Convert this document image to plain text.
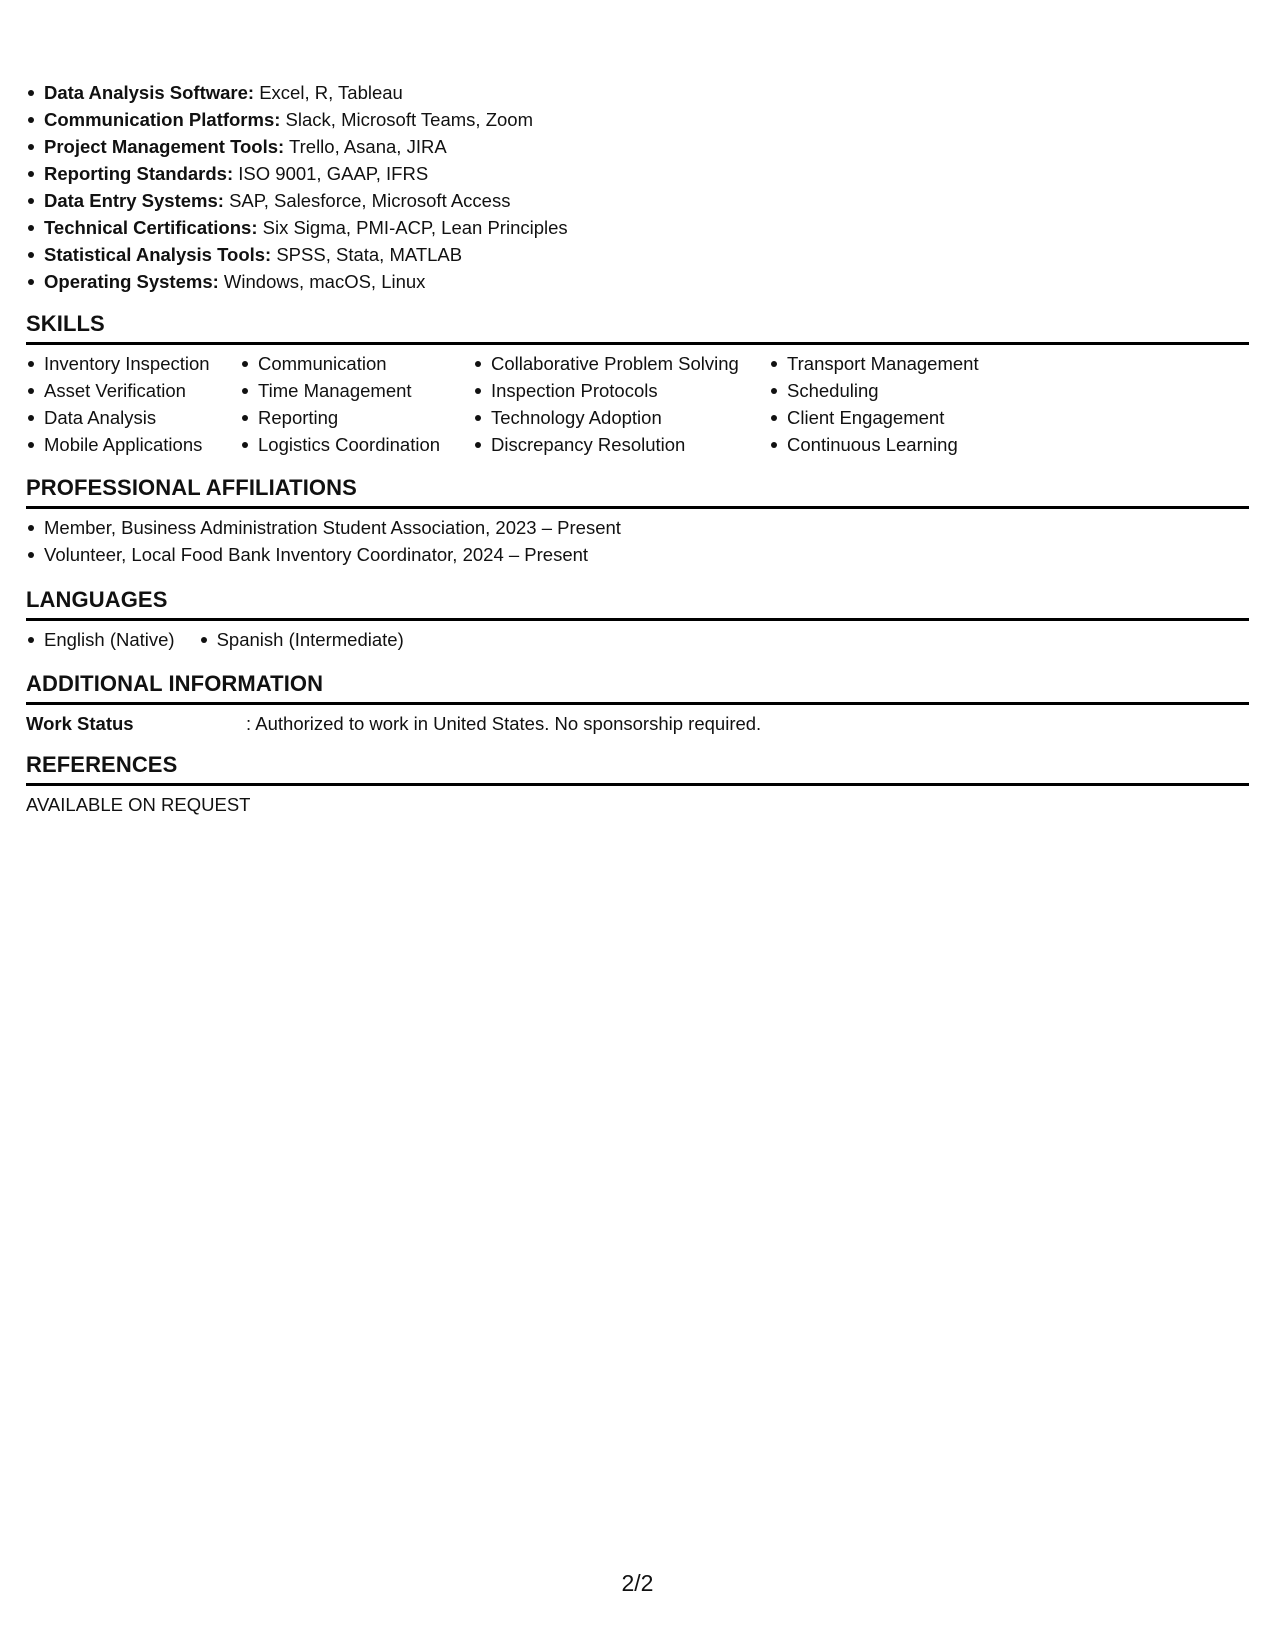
Data Analysis Software: Excel, R, Tableau
Communication Platforms: Slack, Microsoft Teams, Zoom
Project Management Tools: Trello, Asana, JIRA
Reporting Standards: ISO 9001, GAAP, IFRS
Data Entry Systems: SAP, Salesforce, Microsoft Access
Technical Certifications: Six Sigma, PMI-ACP, Lean Principles
Statistical Analysis Tools: SPSS, Stata, MATLAB
Operating Systems: Windows, macOS, Linux
SKILLS
Inventory Inspection
Asset Verification
Data Analysis
Mobile Applications
Communication
Time Management
Reporting
Logistics Coordination
Collaborative Problem Solving
Inspection Protocols
Technology Adoption
Discrepancy Resolution
Transport Management
Scheduling
Client Engagement
Continuous Learning
PROFESSIONAL AFFILIATIONS
Member, Business Administration Student Association, 2023 – Present
Volunteer, Local Food Bank Inventory Coordinator, 2024 – Present
LANGUAGES
English (Native)	Spanish (Intermediate)
ADDITIONAL INFORMATION
Work Status	: Authorized to work in United States. No sponsorship required.
REFERENCES
AVAILABLE ON REQUEST
2/2
